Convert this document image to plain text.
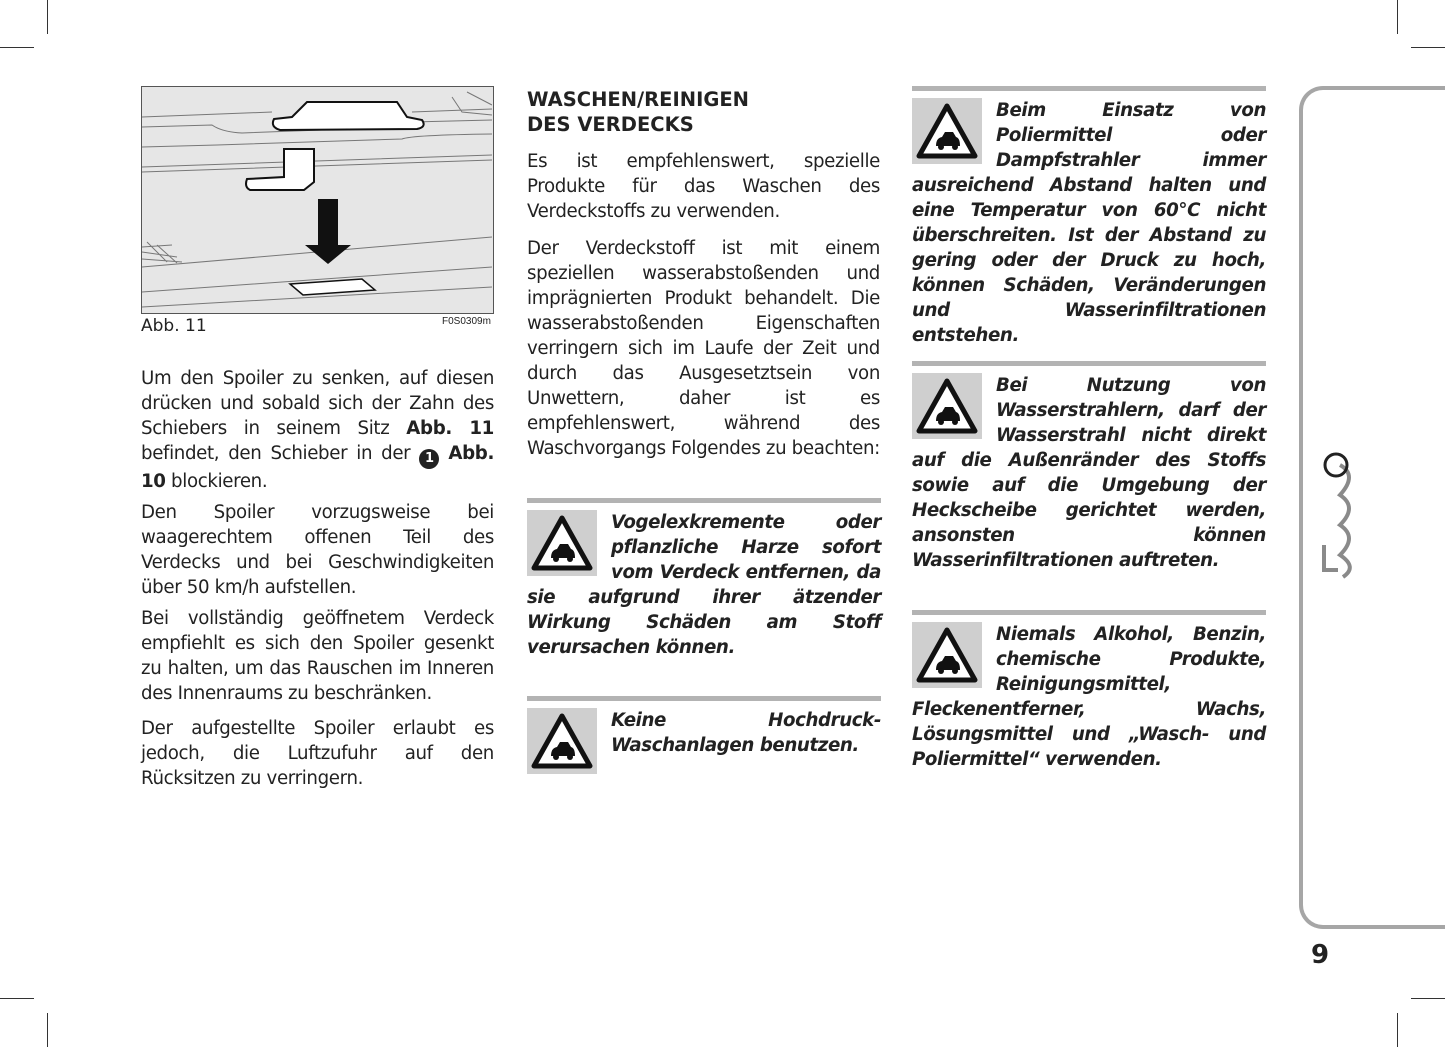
Abb. 11	F0S0309m

Um den Spoiler zu senken, auf diesen drücken und sobald sich der Zahn des Schiebers in seinem Sitz Abb. 11 befindet, den Schieber in der 1 Abb. 10 blockieren.

Den Spoiler vorzugsweise bei waagerechtem offenen Teil des Verdecks und bei Geschwindigkeiten über 50 km/h aufstellen.

Bei vollständig geöffnetem Verdeck empfiehlt es sich den Spoiler gesenkt zu halten, um das Rauschen im Inneren des Innenraums zu beschränken.

Der aufgestellte Spoiler erlaubt es jedoch, die Luftzufuhr auf den Rücksitzen zu verringern.

WASCHEN/REINIGEN
DES VERDECKS

Es ist empfehlenswert, spezielle Produkte für das Waschen des Verdeckstoffs zu verwenden.

Der Verdeckstoff ist mit einem speziellen wasserabstoßenden und imprägnierten Produkt behandelt. Die wasserabstoßenden Eigenschaften verringern sich im Laufe der Zeit und durch das Ausgesetztsein von Unwettern, daher ist es empfehlenswert, während des Waschvorgangs Folgendes zu beachten:

Vogelexkremente oder pflanzliche Harze sofort vom Verdeck entfernen, da sie aufgrund ihrer ätzender Wirkung Schäden am Stoff verursachen können.
Keine Hochdruck-Waschanlagen benutzen.
Beim Einsatz von Poliermittel oder Dampfstrahler immer ausreichend Abstand halten und eine Temperatur von 60°C nicht überschreiten. Ist der Abstand zu gering oder der Druck zu hoch, können Schäden, Veränderungen und Wasserinfiltrationen entstehen.
Bei Nutzung von Wasserstrahlern, darf der Wasserstrahl nicht direkt auf die Außenränder des Stoffs sowie auf die Umgebung der Heckscheibe gerichtet werden, ansonsten können Wasserinfiltrationen auftreten.
Niemals Alkohol, Benzin, chemische Produkte, Reinigungsmittel, Fleckenentferner, Wachs, Lösungsmittel und „Wasch- und Poliermittel“ verwenden.
9
